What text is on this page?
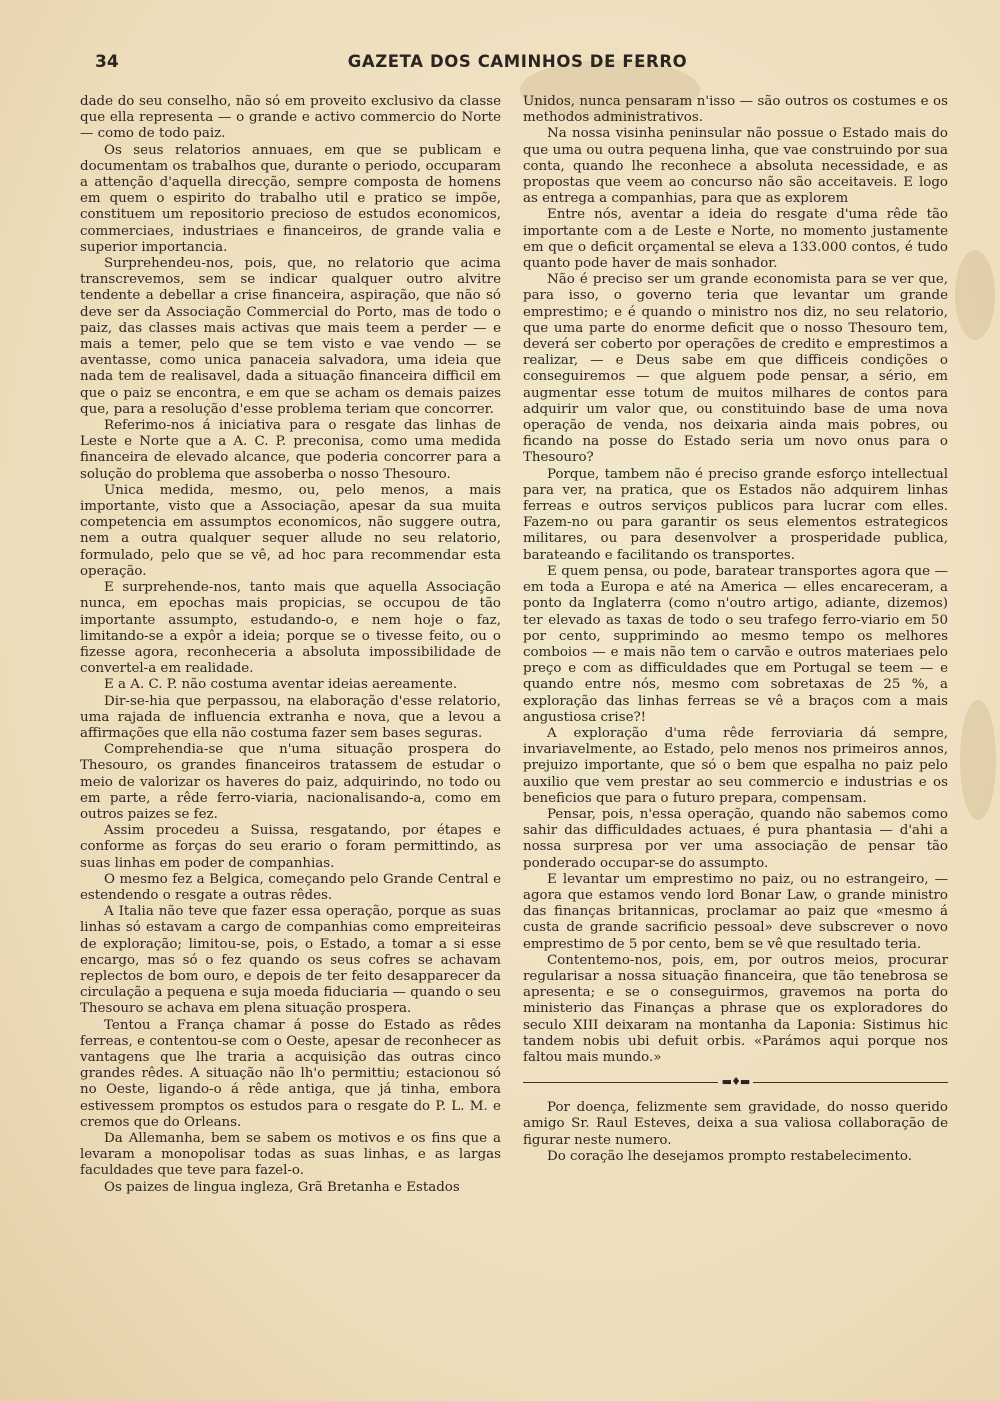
34	GAZETA DOS CAMINHOS DE FERRO

dade do seu conselho, não só em proveito exclusivo da classe que ella representa — o grande e activo commercio do Norte — como de todo paiz.

Os seus relatorios annuaes, em que se publicam e documentam os trabalhos que, durante o periodo, occuparam a attenção d'aquella direcção, sempre composta de homens em quem o espirito do trabalho util e pratico se impõe, constituem um repositorio precioso de estudos economicos, commerciaes, industriaes e financeiros, de grande valia e superior importancia.

Surprehendeu-nos, pois, que, no relatorio que acima transcrevemos, sem se indicar qualquer outro alvitre tendente a debellar a crise financeira, aspiração, que não só deve ser da Associação Commercial do Porto, mas de todo o paiz, das classes mais activas que mais teem a perder — e mais a temer, pelo que se tem visto e vae vendo — se aventasse, como unica panaceia salvadora, uma ideia que nada tem de realisavel, dada a situação financeira difficil em que o paiz se encontra, e em que se acham os demais paizes que, para a resolução d'esse problema teriam que concorrer.

Referimo-nos á iniciativa para o resgate das linhas de Leste e Norte que a A. C. P. preconisa, como uma medida financeira de elevado alcance, que poderia concorrer para a solução do problema que assoberba o nosso Thesouro.

Unica medida, mesmo, ou, pelo menos, a mais importante, visto que a Associação, apesar da sua muita competencia em assumptos economicos, não suggere outra, nem a outra qualquer sequer allude no seu relatorio, formulado, pelo que se vê, ad hoc para recommendar esta operação.

E surprehende-nos, tanto mais que aquella Associação nunca, em epochas mais propicias, se occupou de tão importante assumpto, estudando-o, e nem hoje o faz, limitando-se a expôr a ideia; porque se o tivesse feito, ou o fizesse agora, reconheceria a absoluta impossibilidade de convertel-a em realidade.

E a A. C. P. não costuma aventar ideias aereamente.

Dir-se-hia que perpassou, na elaboração d'esse relatorio, uma rajada de influencia extranha e nova, que a levou a affirmações que ella não costuma fazer sem bases seguras.

Comprehendia-se que n'uma situação prospera do Thesouro, os grandes financeiros tratassem de estudar o meio de valorizar os haveres do paiz, adquirindo, no todo ou em parte, a rêde ferro-viaria, nacionalisando-a, como em outros paizes se fez.

Assim procedeu a Suissa, resgatando, por étapes e conforme as forças do seu erario o foram permittindo, as suas linhas em poder de companhias.

O mesmo fez a Belgica, começando pelo Grande Central e estendendo o resgate a outras rêdes.

A Italia não teve que fazer essa operação, porque as suas linhas só estavam a cargo de companhias como empreiteiras de exploração; limitou-se, pois, o Estado, a tomar a si esse encargo, mas só o fez quando os seus cofres se achavam replectos de bom ouro, e depois de ter feito desapparecer da circulação a pequena e suja moeda fiduciaria — quando o seu Thesouro se achava em plena situação prospera.

Tentou a França chamar á posse do Estado as rêdes ferreas, e contentou-se com o Oeste, apesar de reconhecer as vantagens que lhe traria a acquisição das outras cinco grandes rêdes. A situação não lh'o permittiu; estacionou só no Oeste, ligando-o á rêde antiga, que já tinha, embora estivessem promptos os estudos para o resgate do P. L. M. e cremos que do Orleans.

Da Allemanha, bem se sabem os motivos e os fins que a levaram a monopolisar todas as suas linhas, e as largas faculdades que teve para fazel-o.

Os paizes de lingua ingleza, Grã Bretanha e Estados

Unidos, nunca pensaram n'isso — são outros os costumes e os methodos administrativos.

Na nossa visinha peninsular não possue o Estado mais do que uma ou outra pequena linha, que vae construindo por sua conta, quando lhe reconhece a absoluta necessidade, e as propostas que veem ao concurso não são acceitaveis. E logo as entrega a companhias, para que as explorem

Entre nós, aventar a ideia do resgate d'uma rêde tão importante com a de Leste e Norte, no momento justamente em que o deficit orçamental se eleva a 133.000 contos, é tudo quanto pode haver de mais sonhador.

Não é preciso ser um grande economista para se ver que, para isso, o governo teria que levantar um grande emprestimo; e é quando o ministro nos diz, no seu relatorio, que uma parte do enorme deficit que o nosso Thesouro tem, deverá ser coberto por operações de credito e emprestimos a realizar, — e Deus sabe em que difficeis condições o conseguiremos — que alguem pode pensar, a sério, em augmentar esse totum de muitos milhares de contos para adquirir um valor que, ou constituindo base de uma nova operação de venda, nos deixaria ainda mais pobres, ou ficando na posse do Estado seria um novo onus para o Thesouro?

Porque, tambem não é preciso grande esforço intellectual para ver, na pratica, que os Estados não adquirem linhas ferreas e outros serviços publicos para lucrar com elles. Fazem-no ou para garantir os seus elementos estrategicos militares, ou para desenvolver a prosperidade publica, barateando e facilitando os transportes.

E quem pensa, ou pode, baratear transportes agora que — em toda a Europa e até na America — elles encareceram, a ponto da Inglaterra (como n'outro artigo, adiante, dizemos) ter elevado as taxas de todo o seu trafego ferro-viario em 50 por cento, supprimindo ao mesmo tempo os melhores comboios — e mais não tem o carvão e outros materiaes pelo preço e com as difficuldades que em Portugal se teem — e quando entre nós, mesmo com sobretaxas de 25 %, a exploração das linhas ferreas se vê a braços com a mais angustiosa crise?!

A exploração d'uma rêde ferroviaria dá sempre, invariavelmente, ao Estado, pelo menos nos primeiros annos, prejuizo importante, que só o bem que espalha no paiz pelo auxilio que vem prestar ao seu commercio e industrias e os beneficios que para o futuro prepara, compensam.

Pensar, pois, n'essa operação, quando não sabemos como sahir das difficuldades actuaes, é pura phantasia — d'ahi a nossa surpresa por ver uma associação de pensar tão ponderado occupar-se do assumpto.

E levantar um emprestimo no paiz, ou no estrangeiro, — agora que estamos vendo lord Bonar Law, o grande ministro das finanças britannicas, proclamar ao paiz que «mesmo á custa de grande sacrificio pessoal» deve subscrever o novo emprestimo de 5 por cento, bem se vê que resultado teria.

Contentemo-nos, pois, em, por outros meios, procurar regularisar a nossa situação financeira, que tão tenebrosa se apresenta; e se o conseguirmos, gravemos na porta do ministerio das Finanças a phrase que os exploradores do seculo XIII deixaram na montanha da Laponia: Sistimus hic tandem nobis ubi defuit orbis. «Parámos aqui porque nos faltou mais mundo.»

▬♦▬

Por doença, felizmente sem gravidade, do nosso querido amigo Sr. Raul Esteves, deixa a sua valiosa collaboração de figurar neste numero.

Do coração lhe desejamos prompto restabelecimento.
